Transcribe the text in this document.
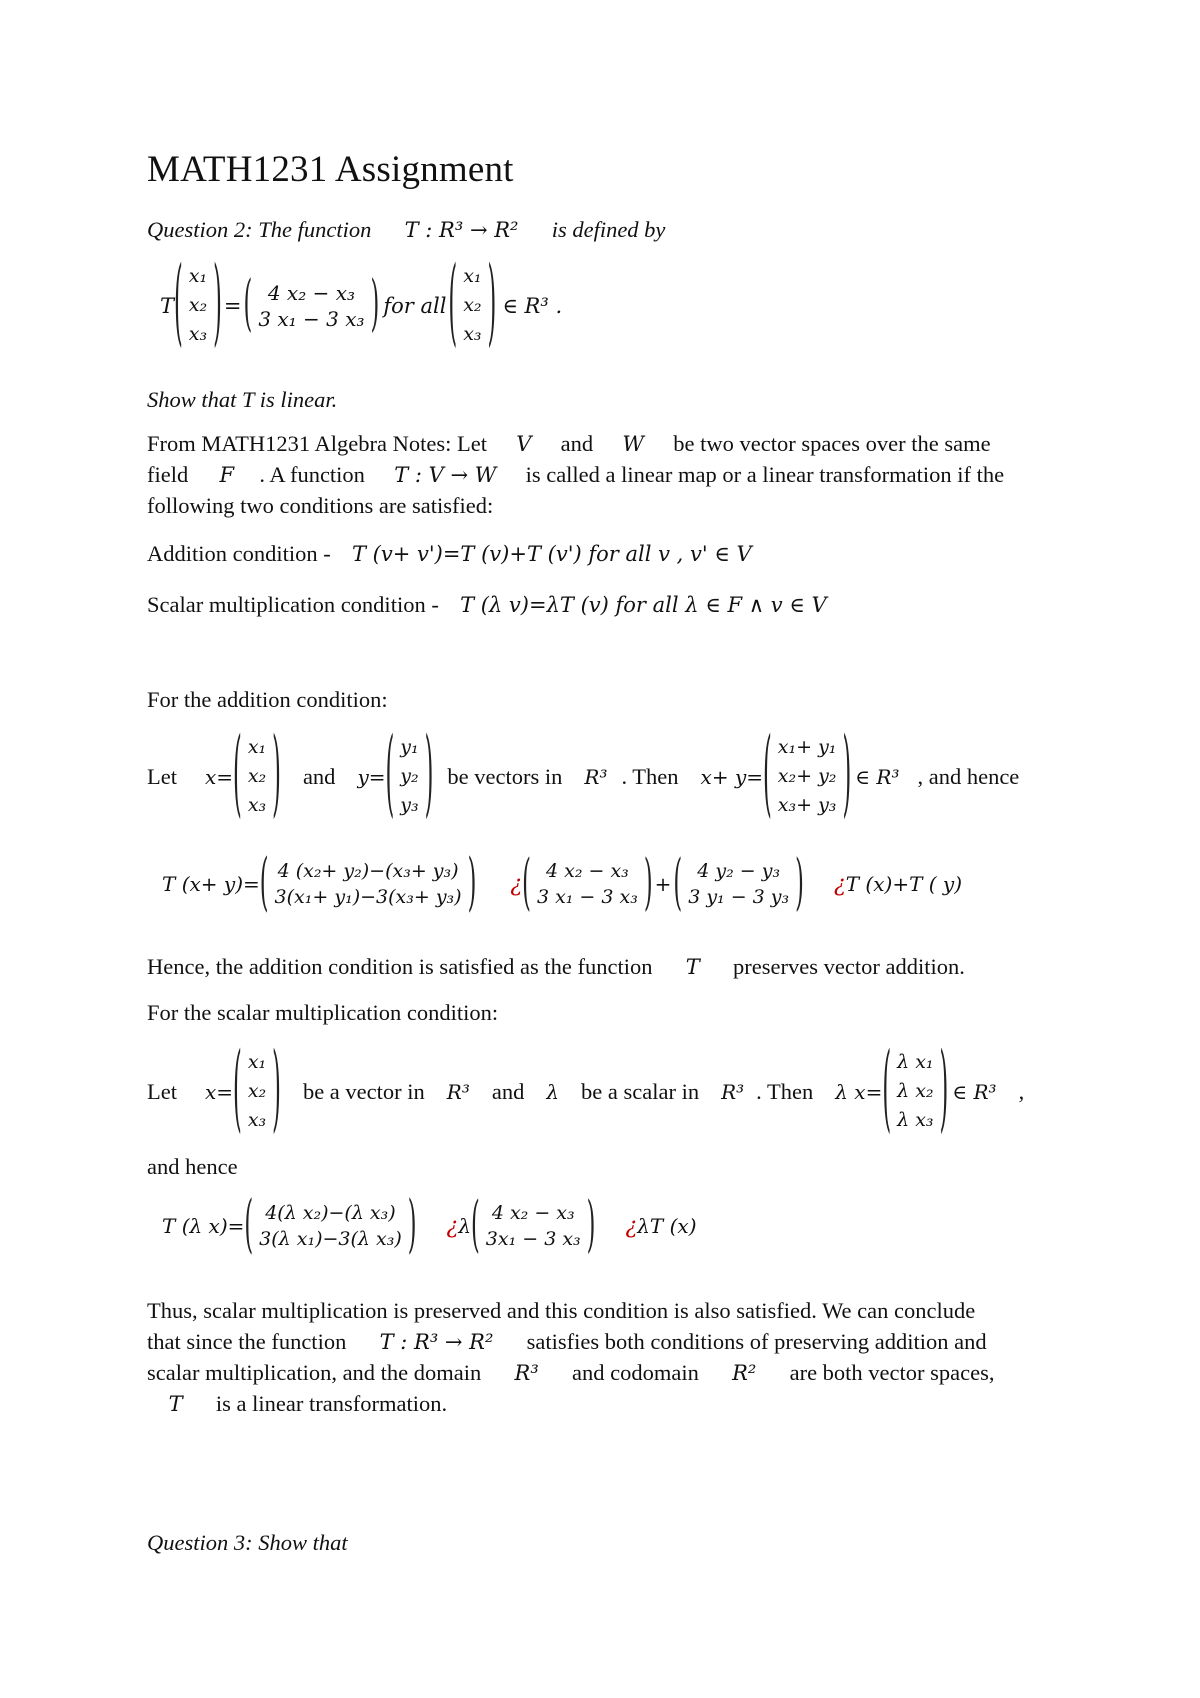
MATH1231 Assignment

Question 2: The function T : R³ → R² is defined by

T ( x₁
x₂
x₃ ) = ( 4 x₂ − x₃
3 x₁ − 3 x₃ ) for all ( x₁
x₂
x₃ ) ∈ R³ .

Show that T is linear.

From MATH1231 Algebra Notes: Let V and W be two vector spaces over the same

field F . A function T : V → W is called a linear map or a linear transformation if the

following two conditions are satisfied:

Addition condition - T (v+ v')=T (v)+T (v') for all v , v' ∈ V

Scalar multiplication condition - T (λ v)=λT (v) for all λ ∈ F ∧ v ∈ V

For the addition condition:

Let x= ( x₁
x₂
x₃ ) and y= ( y₁
y₂
y₃ ) be vectors in R³ . Then x+ y= ( x₁+ y₁
x₂+ y₂
x₃+ y₃ ) ∈ R³ , and hence
T (x+ y)= ( 4 (x₂+ y₂)−(x₃+ y₃)
3(x₁+ y₁)−3(x₃+ y₃) ) ¿ ( 4 x₂ − x₃
3 x₁ − 3 x₃ ) + ( 4 y₂ − y₃
3 y₁ − 3 y₃ ) ¿ T (x)+T ( y)

Hence, the addition condition is satisfied as the function T preserves vector addition.

For the scalar multiplication condition:

Let x= ( x₁
x₂
x₃ ) be a vector in R³ and λ be a scalar in R³ . Then λ x= ( λ x₁
λ x₂
λ x₃ ) ∈ R³ ,

and hence

T (λ x)= ( 4(λ x₂)−(λ x₃)
3(λ x₁)−3(λ x₃) ) ¿ λ ( 4 x₂ − x₃
3x₁ − 3 x₃ ) ¿ λT (x)

Thus, scalar multiplication is preserved and this condition is also satisfied. We can conclude

that since the function T : R³ → R² satisfies both conditions of preserving addition and

scalar multiplication, and the domain R³ and codomain R² are both vector spaces,

T is a linear transformation.

Question 3: Show that
